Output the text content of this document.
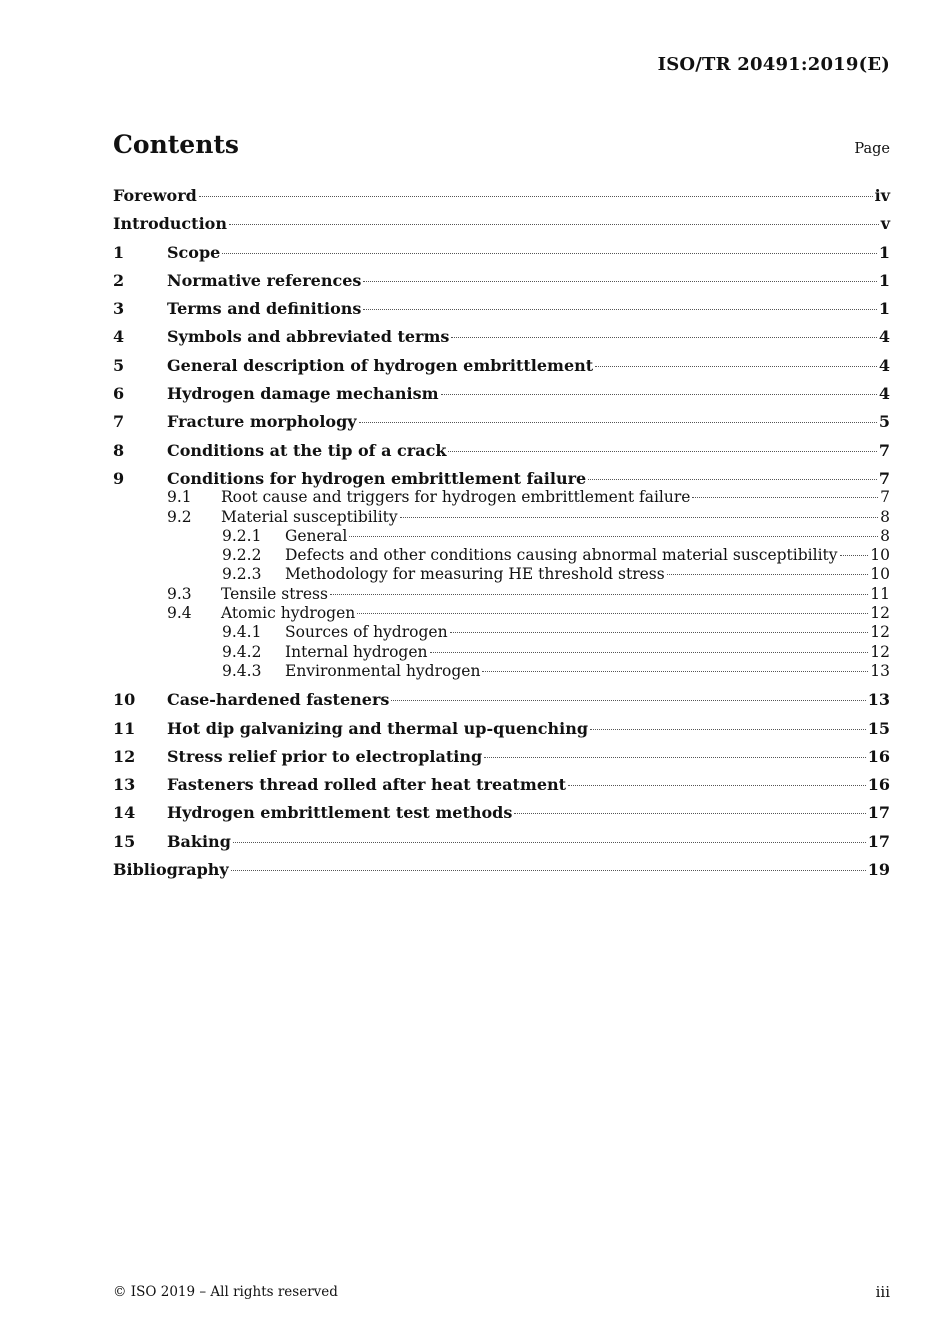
ISO/TR 20491:2019(E)
Contents	Page
Foreword	iv
Introduction	v
1	Scope	1
2	Normative references	1
3	Terms and definitions	1
4	Symbols and abbreviated terms	4
5	General description of hydrogen embrittlement	4
6	Hydrogen damage mechanism	4
7	Fracture morphology	5
8	Conditions at the tip of a crack	7
9	Conditions for hydrogen embrittlement failure	7
9.1	Root cause and triggers for hydrogen embrittlement failure	7
9.2	Material susceptibility	8
9.2.1	General	8
9.2.2	Defects and other conditions causing abnormal material susceptibility 10
9.2.3	Methodology for measuring HE threshold stress	10
9.3	Tensile stress	11
9.4	Atomic hydrogen	12
9.4.1	Sources of hydrogen	12
9.4.2	Internal hydrogen	12
9.4.3	Environmental hydrogen	13
10	Case-hardened fasteners	13
11	Hot dip galvanizing and thermal up-quenching	15
12	Stress relief prior to electroplating	16
13	Fasteners thread rolled after heat treatment	16
14	Hydrogen embrittlement test methods	17
15	Baking	17
Bibliography	19
© ISO 2019 – All rights reserved	iii
